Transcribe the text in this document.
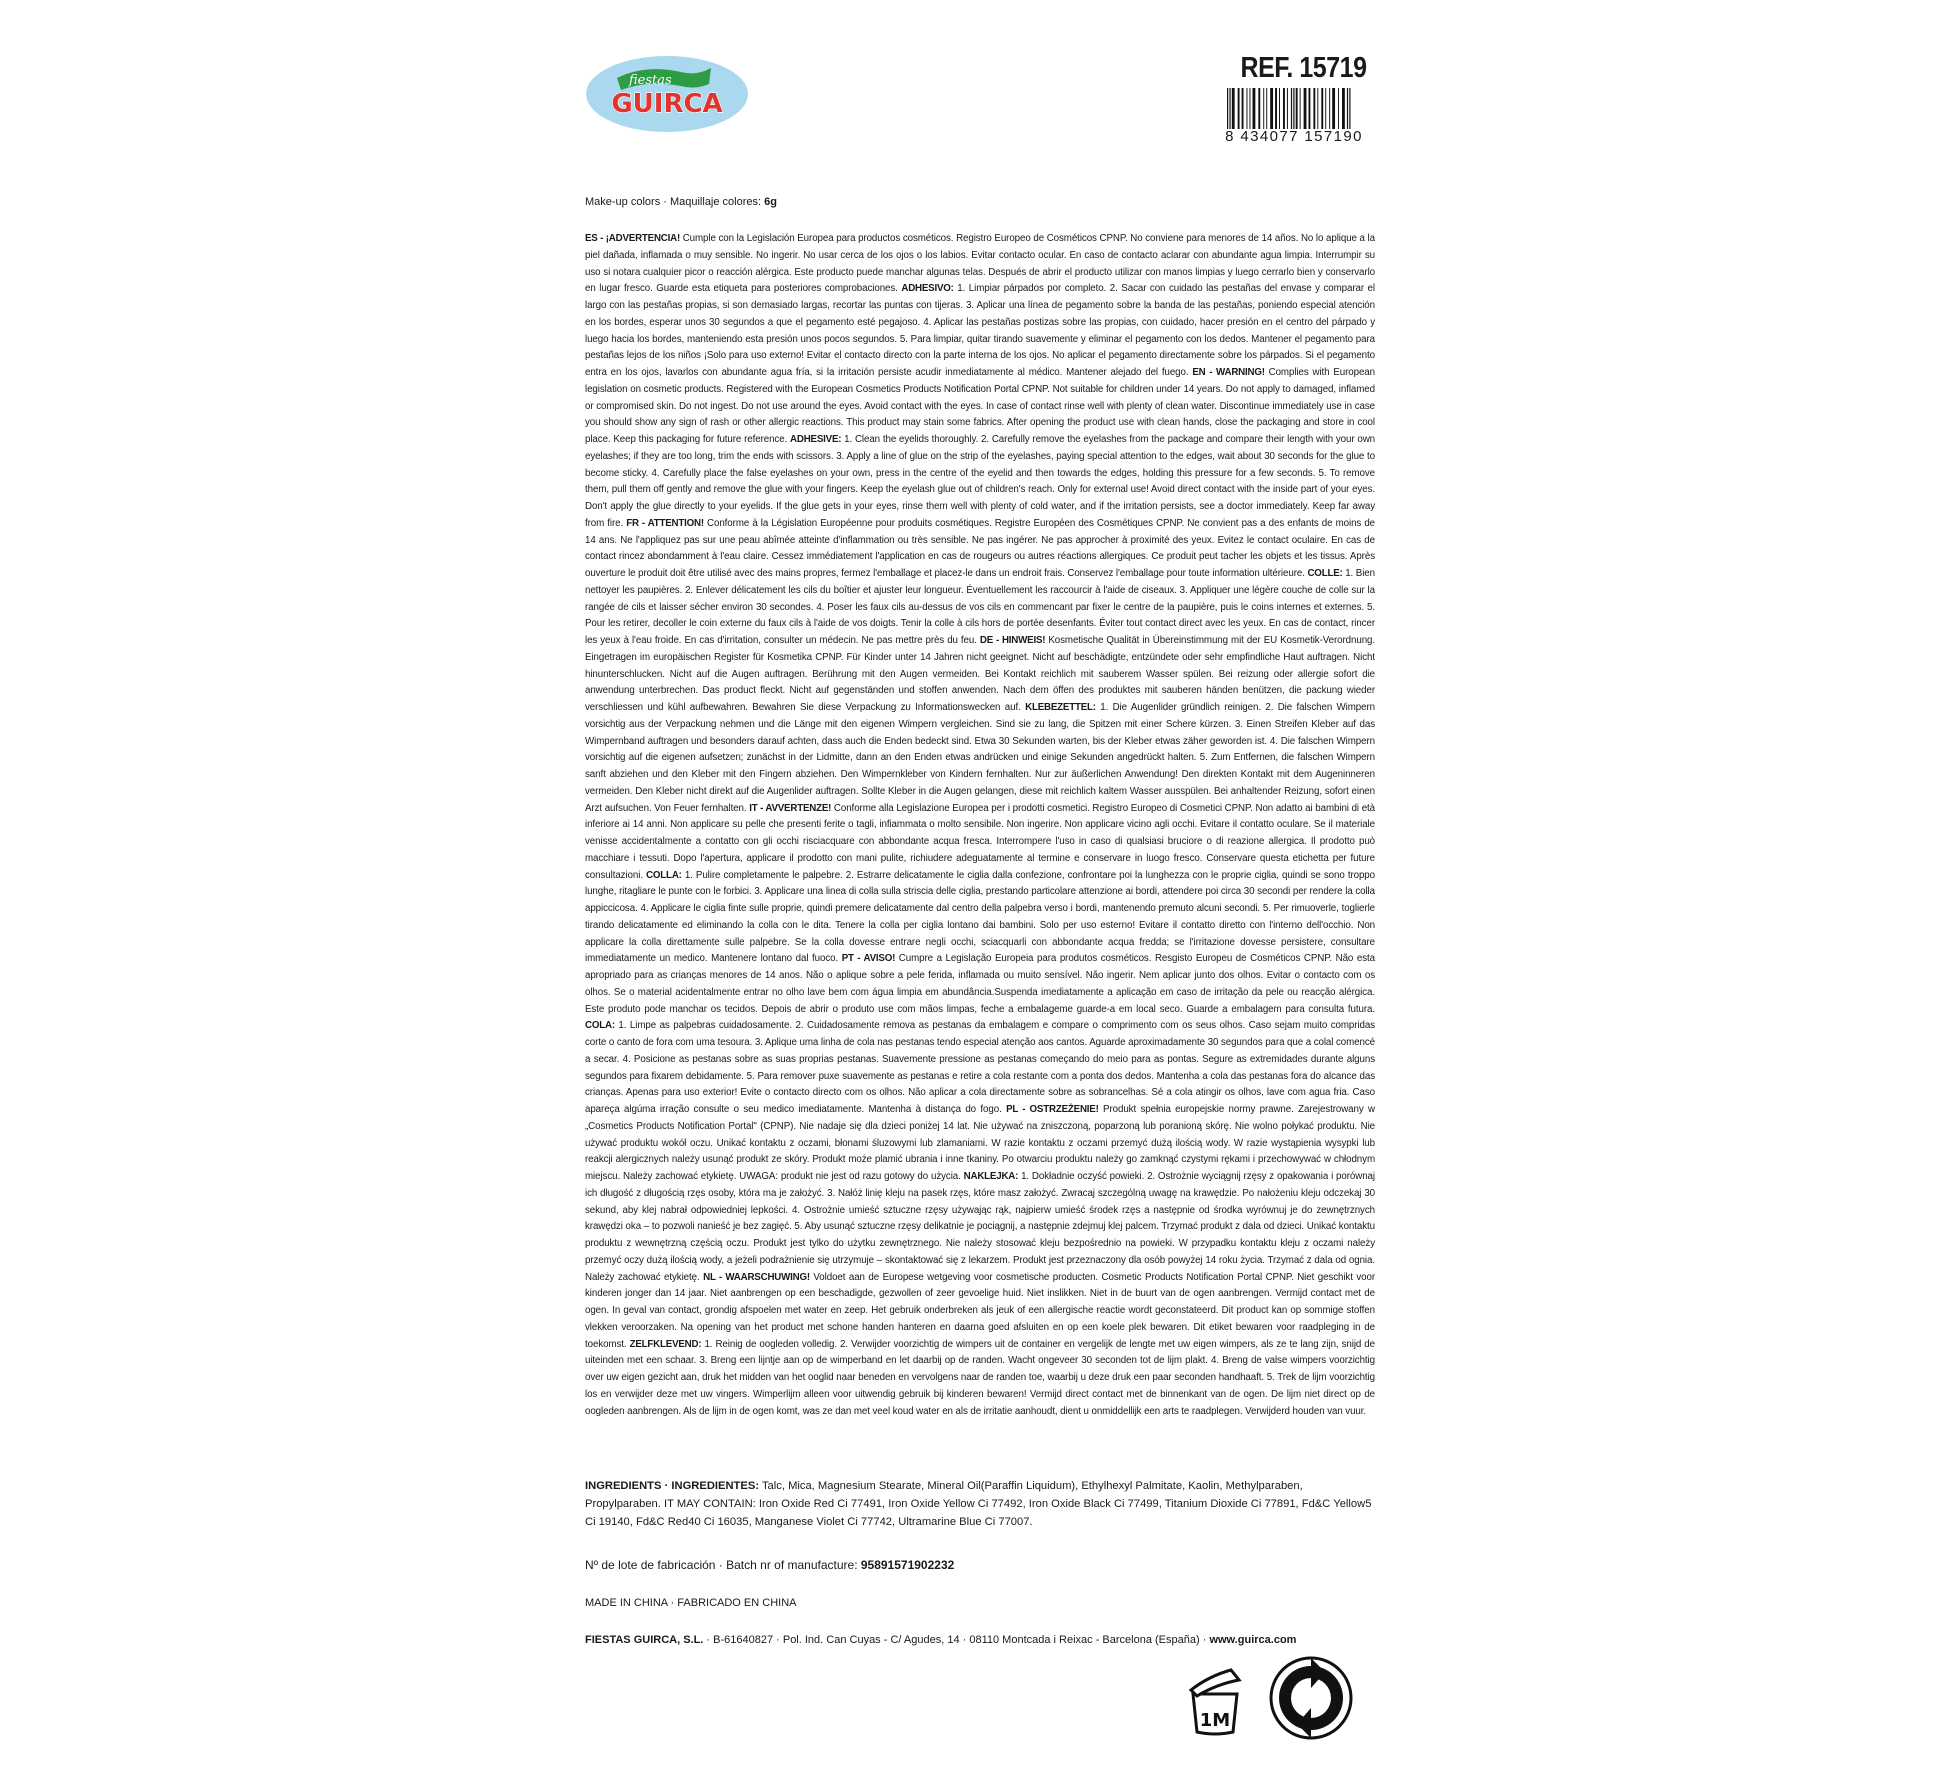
fiestas
GUIRCA
REF. 15719
8 434077 157190
Make-up colors · Maquillaje colores: 6g
ES - ¡ADVERTENCIA! Cumple con la Legislación Europea para productos cosméticos. Registro Europeo de Cosméticos CPNP. No conviene para menores de 14 años. No lo aplique a la piel dañada, inflamada o muy sensible. No ingerir. No usar cerca de los ojos o los labios. Evitar contacto ocular. En caso de contacto aclarar con abundante agua limpia. Interrumpir su uso si notara cualquier picor o reacción alérgica. Este producto puede manchar algunas telas. Después de abrir el producto utilizar con manos limpias y luego cerrarlo bien y conservarlo en lugar fresco. Guarde esta etiqueta para posteriores comprobaciones. ADHESIVO: 1. Limpiar párpados por completo. 2. Sacar con cuidado las pestañas del envase y comparar el largo con las pestañas propias, si son demasiado largas, recortar las puntas con tijeras. 3. Aplicar una línea de pegamento sobre la banda de las pestañas, poniendo especial atención en los bordes, esperar unos 30 segundos a que el pegamento esté pegajoso. 4. Aplicar las pestañas postizas sobre las propias, con cuidado, hacer presión en el centro del párpado y luego hacia los bordes, manteniendo esta presión unos pocos segundos. 5. Para limpiar, quitar tirando suavemente y eliminar el pegamento con los dedos. Mantener el pegamento para pestañas lejos de los niños ¡Solo para uso externo! Evitar el contacto directo con la parte interna de los ojos. No aplicar el pegamento directamente sobre los párpados. Si el pegamento entra en los ojos, lavarlos con abundante agua fría, si la irritación persiste acudir inmediatamente al médico. Mantener alejado del fuego. EN - WARNING! Complies with European legislation on cosmetic products. Registered with the European Cosmetics Products Notification Portal CPNP. Not suitable for children under 14 years. Do not apply to damaged, inflamed or compromised skin. Do not ingest. Do not use around the eyes. Avoid contact with the eyes. In case of contact rinse well with plenty of clean water. Discontinue immediately use in case you should show any sign of rash or other allergic reactions. This product may stain some fabrics. After opening the product use with clean hands, close the packaging and store in cool place. Keep this packaging for future reference. ADHESIVE: 1. Clean the eyelids thoroughly. 2. Carefully remove the eyelashes from the package and compare their length with your own eyelashes; if they are too long, trim the ends with scissors. 3. Apply a line of glue on the strip of the eyelashes, paying special attention to the edges, wait about 30 seconds for the glue to become sticky. 4. Carefully place the false eyelashes on your own, press in the centre of the eyelid and then towards the edges, holding this pressure for a few seconds. 5. To remove them, pull them off gently and remove the glue with your fingers. Keep the eyelash glue out of children's reach. Only for external use! Avoid direct contact with the inside part of your eyes. Don't apply the glue directly to your eyelids. If the glue gets in your eyes, rinse them well with plenty of cold water, and if the irritation persists, see a doctor immediately. Keep far away from fire. FR - ATTENTION! Conforme à la Législation Européenne pour produits cosmétiques. Registre Européen des Cosmétiques CPNP. Ne convient pas a des enfants de moins de 14 ans. Ne l'appliquez pas sur une peau abîmée atteinte d'inflammation ou très sensible. Ne pas ingérer. Ne pas approcher à proximité des yeux. Evitez le contact oculaire. En cas de contact rincez abondamment à l'eau claire. Cessez immédiatement l'application en cas de rougeurs ou autres réactions allergiques. Ce produit peut tacher les objets et les tissus. Après ouverture le produit doit être utilisé avec des mains propres, fermez l'emballage et placez-le dans un endroit frais. Conservez l'emballage pour toute information ultérieure. COLLE: 1. Bien nettoyer les paupières. 2. Enlever délicatement les cils du boîtier et ajuster leur longueur. Éventuellement les raccourcir à l'aide de ciseaux. 3. Appliquer une légère couche de colle sur la rangée de cils et laisser sécher environ 30 secondes. 4. Poser les faux cils au-dessus de vos cils en commencant par fixer le centre de la paupière, puis le coins internes et externes. 5. Pour les retirer, decoller le coin externe du faux cils à l'aide de vos doigts. Tenir la colle à cils hors de portée desenfants. Éviter tout contact direct avec les yeux. En cas de contact, rincer les yeux à l'eau froide. En cas d'irritation, consulter un médecin. Ne pas mettre près du feu. DE - HINWEIS! Kosmetische Qualität in Übereinstimmung mit der EU Kosmetik-Verordnung. Eingetragen im europäischen Register für Kosmetika CPNP. Für Kinder unter 14 Jahren nicht geeignet. Nicht auf beschädigte, entzündete oder sehr empfindliche Haut auftragen. Nicht hinunterschlucken. Nicht auf die Augen auftragen. Berührung mit den Augen vermeiden. Bei Kontakt reichlich mit sauberem Wasser spülen. Bei reizung oder allergie sofort die anwendung unterbrechen. Das product fleckt. Nicht auf gegenständen und stoffen anwenden. Nach dem öffen des produktes mit sauberen händen benützen, die packung wieder verschliessen und kühl aufbewahren. Bewahren Sie diese Verpackung zu Informationswecken auf. KLEBEZETTEL: 1. Die Augenlider gründlich reinigen. 2. Die falschen Wimpern vorsichtig aus der Verpackung nehmen und die Länge mit den eigenen Wimpern vergleichen. Sind sie zu lang, die Spitzen mit einer Schere kürzen. 3. Einen Streifen Kleber auf das Wimpernband auftragen und besonders darauf achten, dass auch die Enden bedeckt sind. Etwa 30 Sekunden warten, bis der Kleber etwas zäher geworden ist. 4. Die falschen Wimpern vorsichtig auf die eigenen aufsetzen; zunächst in der Lidmitte, dann an den Enden etwas andrücken und einige Sekunden angedrückt halten. 5. Zum Entfernen, die falschen Wimpern sanft abziehen und den Kleber mit den Fingern abziehen. Den Wimpernkleber von Kindern fernhalten. Nur zur äußerlichen Anwendung! Den direkten Kontakt mit dem Augeninneren vermeiden. Den Kleber nicht direkt auf die Augenlider auftragen. Sollte Kleber in die Augen gelangen, diese mit reichlich kaltem Wasser ausspülen. Bei anhaltender Reizung, sofort einen Arzt aufsuchen. Von Feuer fernhalten. IT - AVVERTENZE! Conforme alla Legislazione Europea per i prodotti cosmetici. Registro Europeo di Cosmetici CPNP. Non adatto ai bambini di età inferiore ai 14 anni. Non applicare su pelle che presenti ferite o tagli, infiammata o molto sensibile. Non ingerire. Non applicare vicino agli occhi. Evitare il contatto oculare. Se il materiale venisse accidentalmente a contatto con gli occhi risciacquare con abbondante acqua fresca. Interrompere l'uso in caso di qualsiasi bruciore o di reazione allergica. Il prodotto può macchiare i tessuti. Dopo l'apertura, applicare il prodotto con mani pulite, richiudere adeguatamente al termine e conservare in luogo fresco. Conservare questa etichetta per future consultazioni. COLLA: 1. Pulire completamente le palpebre. 2. Estrarre delicatamente le ciglia dalla confezione, confrontare poi la lunghezza con le proprie ciglia, quindi se sono troppo lunghe, ritagliare le punte con le forbici. 3. Applicare una linea di colla sulla striscia delle ciglia, prestando particolare attenzione ai bordi, attendere poi circa 30 secondi per rendere la colla appiccicosa. 4. Applicare le ciglia finte sulle proprie, quindi premere delicatamente dal centro della palpebra verso i bordi, mantenendo premuto alcuni secondi. 5. Per rimuoverle, toglierle tirando delicatamente ed eliminando la colla con le dita. Tenere la colla per ciglia lontano dai bambini. Solo per uso esterno! Evitare il contatto diretto con l'interno dell'occhio. Non applicare la colla direttamente sulle palpebre. Se la colla dovesse entrare negli occhi, sciacquarli con abbondante acqua fredda; se l'irritazione dovesse persistere, consultare immediatamente un medico. Mantenere lontano dal fuoco. PT - AVISO! Cumpre a Legislação Europeia para produtos cosméticos. Resgisto Europeu de Cosméticos CPNP. Não esta apropriado para as crianças menores de 14 anos. Não o aplique sobre a pele ferida, inflamada ou muito sensível. Não ingerir. Nem aplicar junto dos olhos. Evitar o contacto com os olhos. Se o material acidentalmente entrar no olho lave bem com água limpia em abundância.Suspenda imediatamente a aplicação em caso de irritação da pele ou reacção alérgica. Este produto pode manchar os tecidos. Depois de abrir o produto use com mãos limpas, feche a embalageme guarde-a em local seco. Guarde a embalagem para consulta futura. COLA: 1. Limpe as palpebras cuidadosamente. 2. Cuidadosamente remova as pestanas da embalagem e compare o comprimento com os seus olhos. Caso sejam muito compridas corte o canto de fora com uma tesoura. 3. Aplique uma linha de cola nas pestanas tendo especial atenção aos cantos. Aguarde aproximadamente 30 segundos para que a colal comencé a secar. 4. Posicione as pestanas sobre as suas proprias pestanas. Suavemente pressione as pestanas começando do meio para as pontas. Segure as extremidades durante alguns segundos para fixarem debidamente. 5. Para remover puxe suavemente as pestanas e retire a cola restante com a ponta dos dedos. Mantenha a cola das pestanas fora do alcance das crianças. Apenas para uso exterior! Evite o contacto directo com os olhos. Não aplicar a cola directamente sobre as sobrancelhas. Sé a cola atingir os olhos, lave com agua fria. Caso apareça algúma irração consulte o seu medico imediatamente. Mantenha à distança do fogo. PL - OSTRZEŻENIE! Produkt spełnia europejskie normy prawne. Zarejestrowany w „Cosmetics Products Notification Portal" (CPNP). Nie nadaje się dla dzieci poniżej 14 lat. Nie używać na zniszczoną, poparzoną lub poranioną skórę. Nie wolno połykać produktu. Nie używać produktu wokół oczu. Unikać kontaktu z oczami, błonami śluzowymi lub zlamaniami. W razie kontaktu z oczami przemyć dużą ilością wody. W razie wystąpienia wysypki lub reakcji alergicznych należy usunąć produkt ze skóry. Produkt może plamić ubrania i inne tkaniny. Po otwarciu produktu należy go zamknąć czystymi rękami i przechowywać w chłodnym miejscu. Należy zachować etykietę. UWAGA: produkt nie jest od razu gotowy do użycia. NAKLEJKA: 1. Dokładnie oczyść powieki. 2. Ostrożnie wyciągnij rzęsy z opakowania i porównaj ich długość z długością rzęs osoby, która ma je założyć. 3. Nałóż linię kleju na pasek rzęs, które masz założyć. Zwracaj szczególną uwagę na krawędzie. Po nałożeniu kleju odczekaj 30 sekund, aby klej nabrał odpowiedniej lepkości. 4. Ostrożnie umieść sztuczne rzęsy używając rąk, najpierw umieść środek rzęs a następnie od środka wyrównuj je do zewnętrznych krawędzi oka – to pozwoli nanieść je bez zagięć. 5. Aby usunąć sztuczne rzęsy delikatnie je pociągnij, a następnie zdejmuj klej palcem. Trzymać produkt z dala od dzieci. Unikać kontaktu produktu z wewnętrzną częścią oczu. Produkt jest tylko do użytku zewnętrznego. Nie należy stosować kleju bezpośrednio na powieki. W przypadku kontaktu kleju z oczami należy przemyć oczy dużą ilością wody, a jeżeli podrażnienie się utrzymuje – skontaktować się z lekarzem. Produkt jest przeznaczony dla osób powyżej 14 roku życia. Trzymać z dala od ognia. Należy zachować etykietę. NL - WAARSCHUWING! Voldoet aan de Europese wetgeving voor cosmetische producten. Cosmetic Products Notification Portal CPNP. Niet geschikt voor kinderen jonger dan 14 jaar. Niet aanbrengen op een beschadigde, gezwollen of zeer gevoelige huid. Niet inslikken. Niet in de buurt van de ogen aanbrengen. Vermijd contact met de ogen. In geval van contact, grondig afspoelen met water en zeep. Het gebruik onderbreken als jeuk of een allergische reactie wordt geconstateerd. Dit product kan op sommige stoffen vlekken veroorzaken. Na opening van het product met schone handen hanteren en daarna goed afsluiten en op een koele plek bewaren. Dit etiket bewaren voor raadpleging in de toekomst. ZELFKLEVEND: 1. Reinig de oogleden volledig. 2. Verwijder voorzichtig de wimpers uit de container en vergelijk de lengte met uw eigen wimpers, als ze te lang zijn, snijd de uiteinden met een schaar. 3. Breng een lijntje aan op de wimperband en let daarbij op de randen. Wacht ongeveer 30 seconden tot de lijm plakt. 4. Breng de valse wimpers voorzichtig over uw eigen gezicht aan, druk het midden van het ooglid naar beneden en vervolgens naar de randen toe, waarbij u deze druk een paar seconden handhaaft. 5. Trek de lijm voorzichtig los en verwijder deze met uw vingers. Wimperlijm alleen voor uitwendig gebruik bij kinderen bewaren! Vermijd direct contact met de binnenkant van de ogen. De lijm niet direct op de oogleden aanbrengen. Als de lijm in de ogen komt, was ze dan met veel koud water en als de irritatie aanhoudt, dient u onmiddellijk een arts te raadplegen. Verwijderd houden van vuur.
INGREDIENTS · INGREDIENTES: Talc, Mica, Magnesium Stearate, Mineral Oil(Paraffin Liquidum), Ethylhexyl Palmitate, Kaolin, Methylparaben, Propylparaben. IT MAY CONTAIN: Iron Oxide Red Ci 77491, Iron Oxide Yellow Ci 77492, Iron Oxide Black Ci 77499, Titanium Dioxide Ci 77891, Fd&C Yellow5 Ci 19140, Fd&C Red40 Ci 16035, Manganese Violet Ci 77742, Ultramarine Blue Ci 77007.
Nº de lote de fabricación · Batch nr of manufacture: 95891571902232
MADE IN CHINA · FABRICADO EN CHINA
FIESTAS GUIRCA, S.L. · B-61640827 · Pol. Ind. Can Cuyas - C/ Agudes, 14 · 08110 Montcada i Reixac - Barcelona (España) · www.guirca.com
1M
